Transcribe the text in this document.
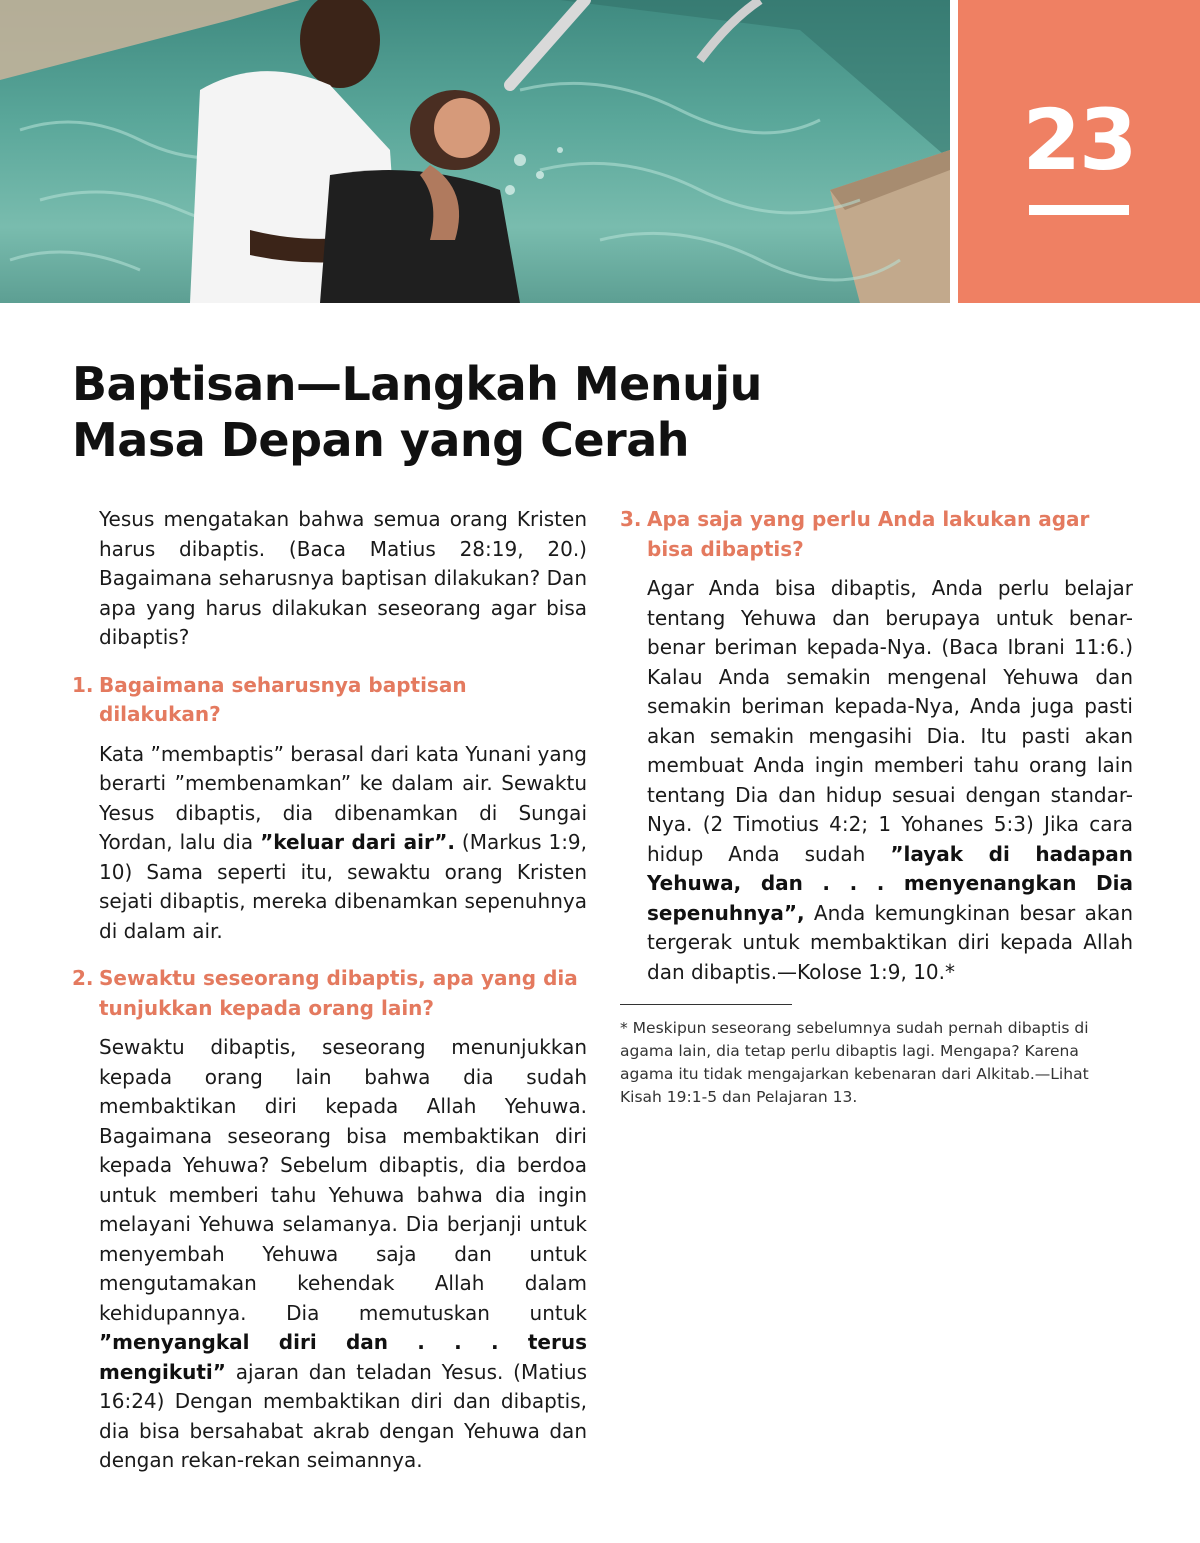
23
Baptisan—Langkah Menuju
Masa Depan yang Cerah

Yesus mengatakan bahwa semua orang Kristen harus dibaptis. (Baca Matius 28:19, 20.) Bagaimana seharusnya baptisan dilakukan? Dan apa yang harus dilakukan seseorang agar bisa dibaptis?

1. Bagaimana seharusnya baptisan dilakukan?

Kata ”membaptis” berasal dari kata Yunani yang berarti ”membenamkan” ke dalam air. Sewaktu Yesus dibaptis, dia dibenamkan di Sungai Yordan, lalu dia ”keluar dari air”. (Markus 1:9, 10) Sama seperti itu, sewaktu orang Kristen sejati dibaptis, mereka dibenamkan sepenuhnya di dalam air.

2. Sewaktu seseorang dibaptis, apa yang dia tunjukkan kepada orang lain?

Sewaktu dibaptis, seseorang menunjukkan kepada orang lain bahwa dia sudah membaktikan diri kepada Allah Yehuwa. Bagaimana seseorang bisa membaktikan diri kepada Yehuwa? Sebelum dibaptis, dia berdoa untuk memberi tahu Yehuwa bahwa dia ingin melayani Yehuwa selamanya. Dia berjanji untuk menyembah Yehuwa saja dan untuk mengutamakan kehendak Allah dalam kehidupannya. Dia memutuskan untuk ”menyangkal diri dan . . . terus mengikuti” ajaran dan teladan Yesus. (Matius 16:24) Dengan membaktikan diri dan dibaptis, dia bisa bersahabat akrab dengan Yehuwa dan dengan rekan-rekan seimannya.

3. Apa saja yang perlu Anda lakukan agar bisa dibaptis?

Agar Anda bisa dibaptis, Anda perlu belajar tentang Yehuwa dan berupaya untuk benar-benar beriman kepada-Nya. (Baca Ibrani 11:6.) Kalau Anda semakin mengenal Yehuwa dan semakin beriman kepada-Nya, Anda juga pasti akan semakin mengasihi Dia. Itu pasti akan membuat Anda ingin memberi tahu orang lain tentang Dia dan hidup sesuai dengan standar-Nya. (2 Timotius 4:2; 1 Yohanes 5:3) Jika cara hidup Anda sudah ”layak di hadapan Yehuwa, dan . . . menyenangkan Dia sepenuhnya”, Anda kemungkinan besar akan tergerak untuk membaktikan diri kepada Allah dan dibaptis.—Kolose 1:9, 10.*

* Meskipun seseorang sebelumnya sudah pernah dibaptis di agama lain, dia tetap perlu dibaptis lagi. Mengapa? Karena agama itu tidak mengajarkan kebenaran dari Alkitab.—Lihat Kisah 19:1-5 dan Pelajaran 13.
